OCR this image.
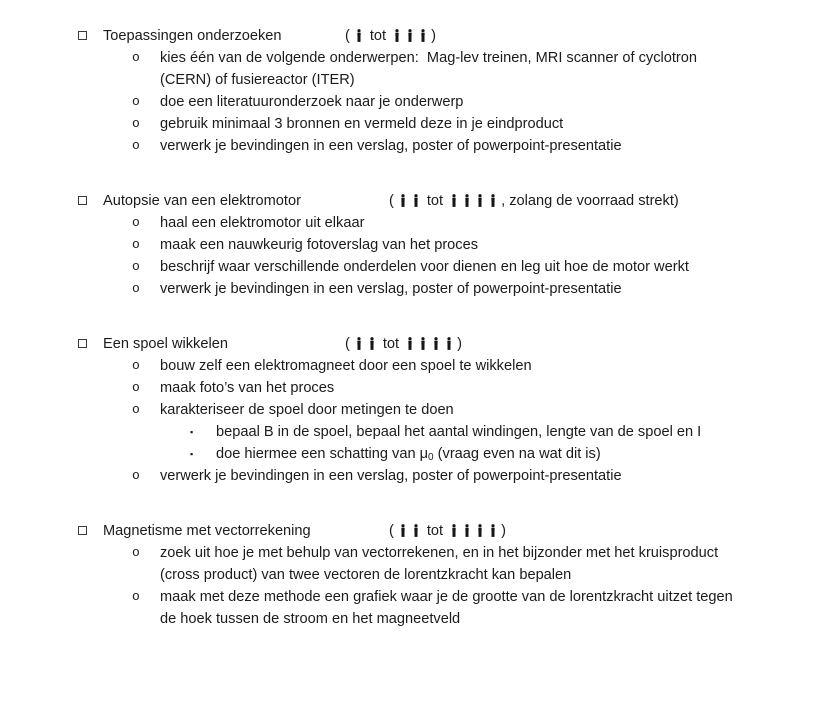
Toepassingen onderzoeken	( tot	)
o kies één van de volgende onderwerpen:  Mag-lev treinen, MRI scanner of cyclotron (CERN) of fusiereactor (ITER)
o doe een literatuuronderzoek naar je onderwerp
o gebruik minimaal 3 bronnen en vermeld deze in je eindproduct
o verwerk je bevindingen in een verslag, poster of powerpoint-presentatie
Autopsie van een elektromotor	( tot	, zolang de voorraad strekt)
o haal een elektromotor uit elkaar
o maak een nauwkeurig fotoverslag van het proces
o beschrijf waar verschillende onderdelen voor dienen en leg uit hoe de motor werkt
o verwerk je bevindingen in een verslag, poster of powerpoint-presentatie
Een spoel wikkelen	( tot	)
o bouw zelf een elektromagneet door een spoel te wikkelen
o maak foto’s van het proces
o karakteriseer de spoel door metingen te doen
▪ bepaal B in de spoel, bepaal het aantal windingen, lengte van de spoel en I
▪ doe hiermee een schatting van $\mu_0$ (vraag even na wat dit is)
o verwerk je bevindingen in een verslag, poster of powerpoint-presentatie
Magnetisme met vectorrekening	( tot	)
o zoek uit hoe je met behulp van vectorrekenen, en in het bijzonder met het kruisproduct (cross product) van twee vectoren de lorentzkracht kan bepalen
o maak met deze methode een grafiek waar je de grootte van de lorentzkracht uitzet tegen de hoek tussen de stroom en het magneetveld
